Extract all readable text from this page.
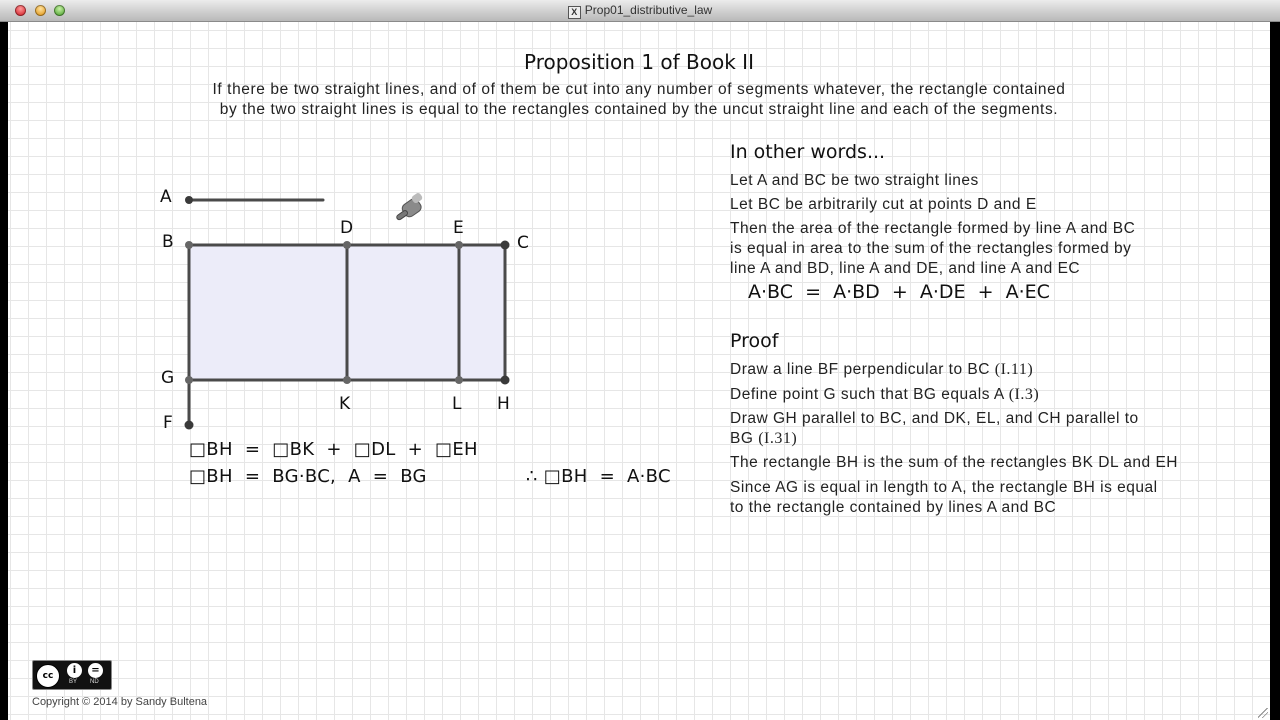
X Prop01_distributive_law
Proposition 1 of Book II
If there be two straight lines, and of of them be cut into any number of segments whatever, the rectangle contained
by the two straight lines is equal to the rectangles contained by the uncut straight line and each of the segments.
A
B
D	E
C
G
K	L H
F
□BH  =  □BK  +  □DL  +  □EH
□BH  =  BG·BC,  A  =  BG	∴ □BH  =  A·BC
In other words...
Let A and BC be two straight lines
Let BC be arbitrarily cut at points D and E
Then the area of the rectangle formed by line A and BC
is equal in area to the sum of the rectangles formed by
line A and BD, line A and DE, and line A and EC
A·BC  =  A·BD  +  A·DE  +  A·EC
Proof
Draw a line BF perpendicular to BC (I.11)
Define point G such that BG equals A (I.3)
Draw GH parallel to BC, and DK, EL, and CH parallel to
BG (I.31)
The rectangle BH is the sum of the rectangles BK DL and EH
Since AG is equal in length to A, the rectangle BH is equal
to the rectangle contained by lines A and BC
cc	i	=
BY ND
Copyright © 2014 by Sandy Bultena
